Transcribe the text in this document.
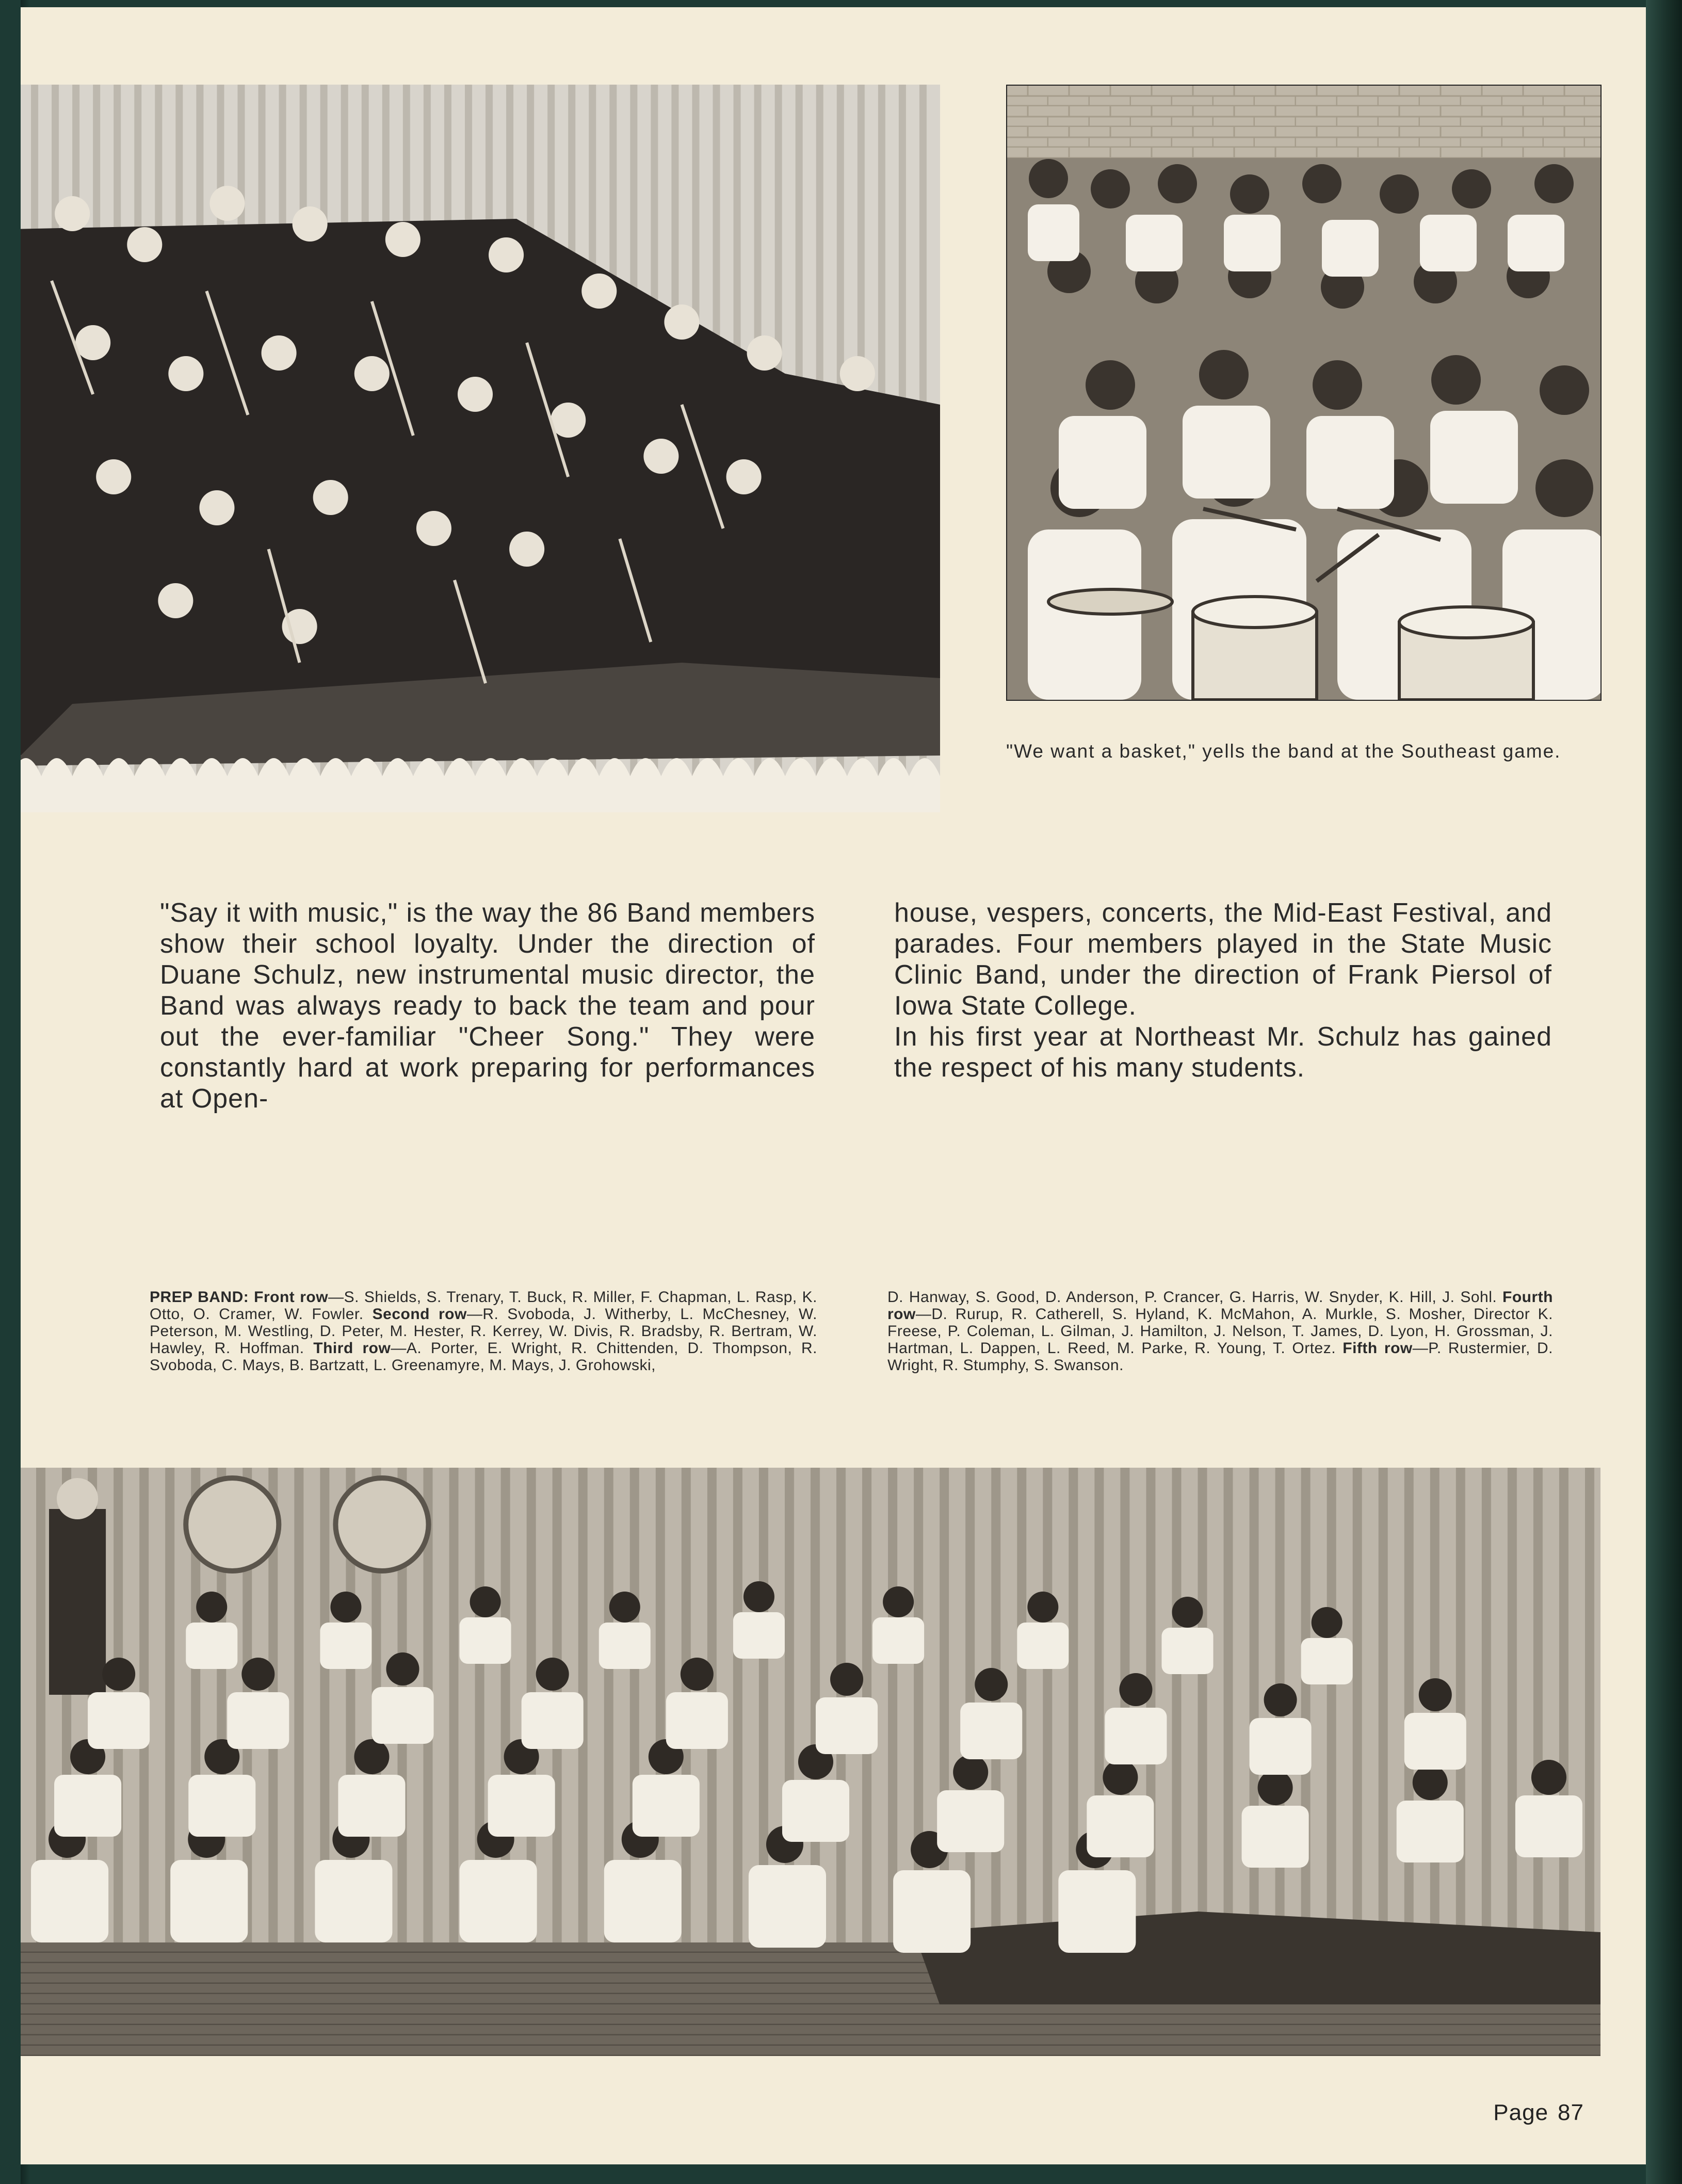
"We want a basket," yells the band at the Southeast game.
"Say it with music," is the way the 86 Band members show their school loyalty. Under the direction of Duane Schulz, new instrumental music director, the Band was always ready to back the team and pour out the ever-familiar "Cheer Song." They were constantly hard at work preparing for performances at Open-
house, vespers, concerts, the Mid-East Festival, and parades. Four members played in the State Music Clinic Band, under the direction of Frank Piersol of Iowa State College.
In his first year at Northeast Mr. Schulz has gained the respect of his many students.
PREP BAND: Front row—S. Shields, S. Trenary, T. Buck, R. Miller, F. Chapman, L. Rasp, K. Otto, O. Cramer, W. Fowler. Second row—R. Svoboda, J. Witherby, L. McChesney, W. Peterson, M. Westling, D. Peter, M. Hester, R. Kerrey, W. Divis, R. Bradsby, R. Bertram, W. Hawley, R. Hoffman. Third row—A. Porter, E. Wright, R. Chittenden, D. Thompson, R. Svoboda, C. Mays, B. Bartzatt, L. Greenamyre, M. Mays, J. Grohowski,
D. Hanway, S. Good, D. Anderson, P. Crancer, G. Harris, W. Snyder, K. Hill, J. Sohl. Fourth row—D. Rurup, R. Catherell, S. Hyland, K. McMahon, A. Murkle, S. Mosher, Director K. Freese, P. Coleman, L. Gilman, J. Hamilton, J. Nelson, T. James, D. Lyon, H. Grossman, J. Hartman, L. Dappen, L. Reed, M. Parke, R. Young, T. Ortez. Fifth row—P. Rustermier, D. Wright, R. Stumphy, S. Swanson.
Page 87
